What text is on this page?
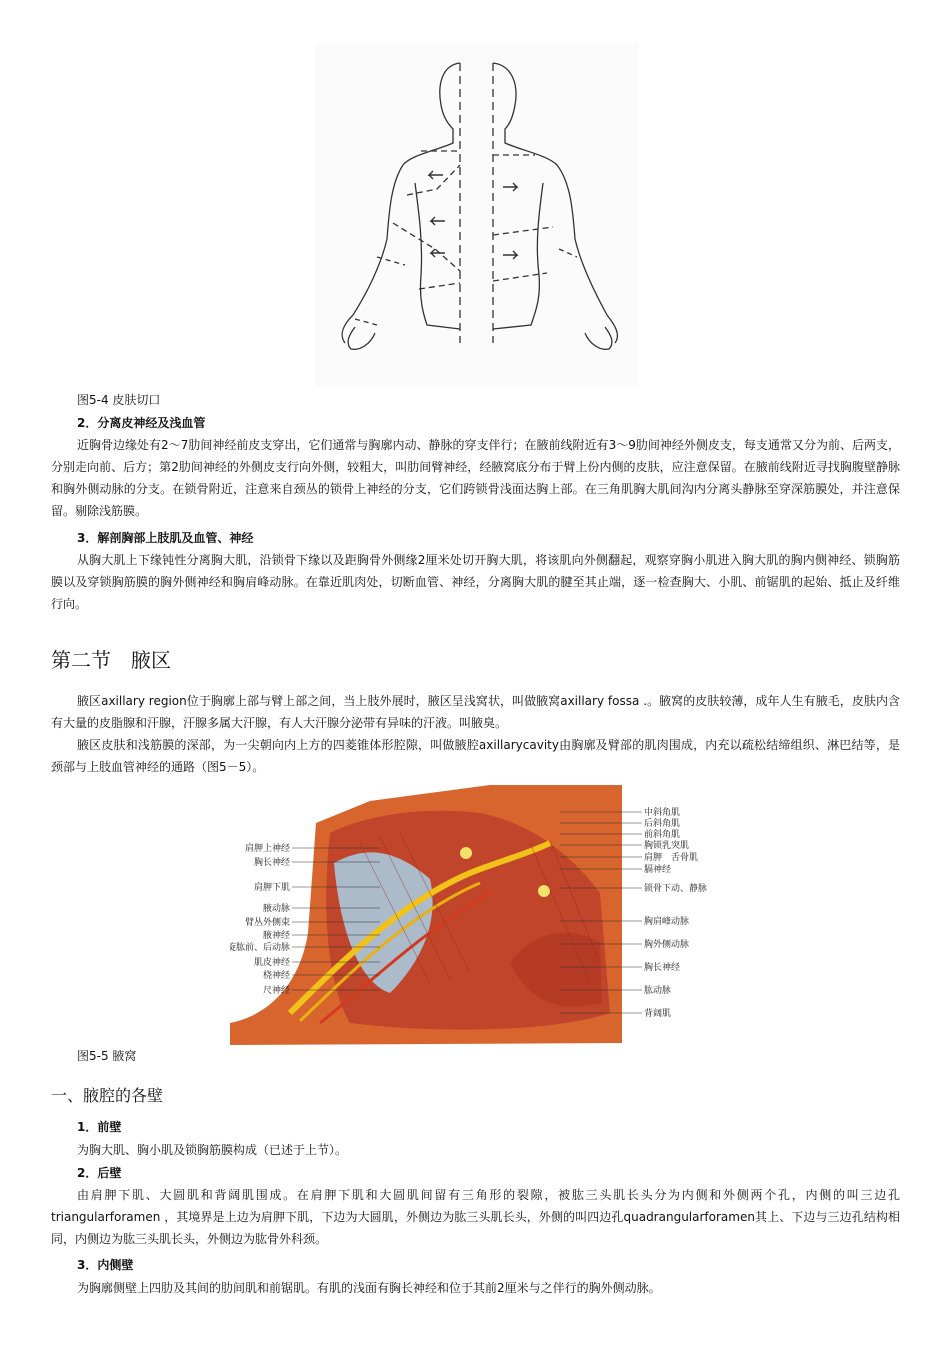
图5-4 皮肤切口
2．分离皮神经及浅血管
近胸骨边缘处有2～7肋间神经前皮支穿出，它们通常与胸廓内动、静脉的穿支伴行；在腋前线附近有3～9肋间神经外侧皮支，每支通常又分为前、后两支，分别走向前、后方；第2肋间神经的外侧皮支行向外侧，较粗大，叫肋间臂神经，经腋窝底分布于臂上份内侧的皮肤，应注意保留。在腋前线附近寻找胸腹壁静脉和胸外侧动脉的分支。在锁骨附近，注意来自颈丛的锁骨上神经的分支，它们跨锁骨浅面达胸上部。在三角肌胸大肌间沟内分离头静脉至穿深筋膜处，并注意保留。剔除浅筋膜。
3．解剖胸部上肢肌及血管、神经
从胸大肌上下缘钝性分离胸大肌，沿锁骨下缘以及距胸骨外侧缘2厘米处切开胸大肌，将该肌向外侧翻起，观察穿胸小肌进入胸大肌的胸内侧神经、锁胸筋膜以及穿锁胸筋膜的胸外侧神经和胸肩峰动脉。在靠近肌肉处，切断血管、神经，分离胸大肌的腱至其止端，逐一检查胸大、小肌、前锯肌的起始、抵止及纤维行向。
第二节　腋区
腋区axillary region位于胸廓上部与臂上部之间，当上肢外展时，腋区呈浅窝状，叫做腋窝axillary fossa .。腋窝的皮肤较薄，成年人生有腋毛，皮肤内含有大量的皮脂腺和汗腺，汗腺多属大汗腺，有人大汗腺分泌带有异味的汗液。叫腋臭。
腋区皮肤和浅筋膜的深部，为一尖朝向内上方的四菱锥体形腔隙，叫做腋腔axillarycavity由胸廓及臂部的肌肉围成，内充以疏松结缔组织、淋巴结等，是颈部与上肢血管神经的通路（图5－5）。
肩胛上神经
胸长神经
肩胛下肌
腋动脉
臂丛外侧束
腋神经
旋肱前、后动脉
肌皮神经
桡神经
尺神经
中斜角肌
后斜角肌
前斜角肌
胸锁乳突肌
肩胛　舌骨肌
膈神经
锁骨下动、静脉
胸肩峰动脉
胸外侧动脉
胸长神经
肱动脉
背阔肌
图5-5 腋窝
一、腋腔的各壁
1．前壁
为胸大肌、胸小肌及锁胸筋膜构成（已述于上节）。
2．后壁
由肩胛下肌、大圆肌和背阔肌围成。在肩胛下肌和大圆肌间留有三角形的裂隙，被肱三头肌长头分为内侧和外侧两个孔，内侧的叫三边孔triangularforamen ，其境界是上边为肩胛下肌，下边为大圆肌，外侧边为肱三头肌长头，外侧的叫四边孔quadrangularforamen其上、下边与三边孔结构相同，内侧边为肱三头肌长头，外侧边为肱骨外科颈。
3．内侧壁
为胸廓侧壁上四肋及其间的肋间肌和前锯肌。有肌的浅面有胸长神经和位于其前2厘米与之伴行的胸外侧动脉。
